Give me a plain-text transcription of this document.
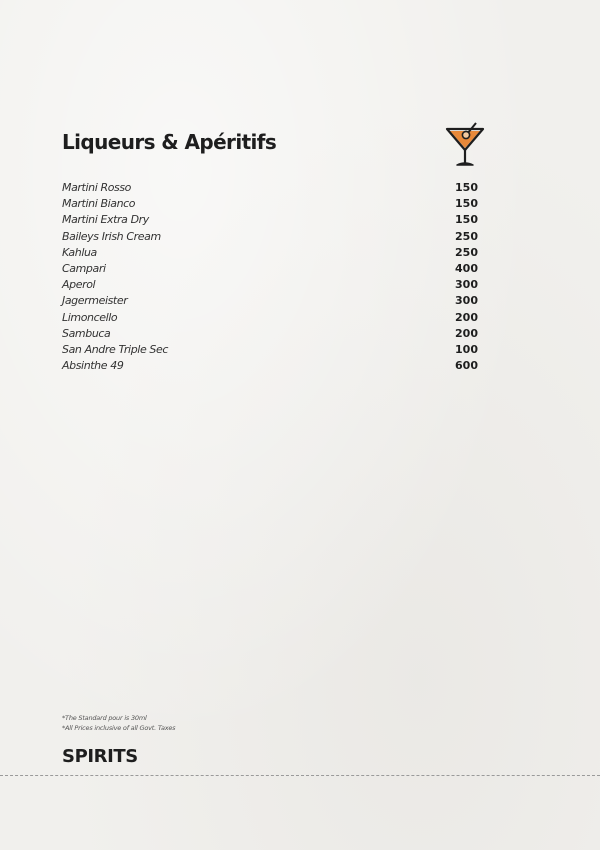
Liqueurs & Apéritifs
Martini Rosso	150
Martini Bianco	150
Martini Extra Dry	150
Baileys Irish Cream	250
Kahlua	250
Campari	400
Aperol	300
Jagermeister	300
Limoncello	200
Sambuca	200
San Andre Triple Sec	100
Absinthe 49	600
*The Standard pour is 30ml
*All Prices inclusive of all Govt. Taxes
SPIRITS
